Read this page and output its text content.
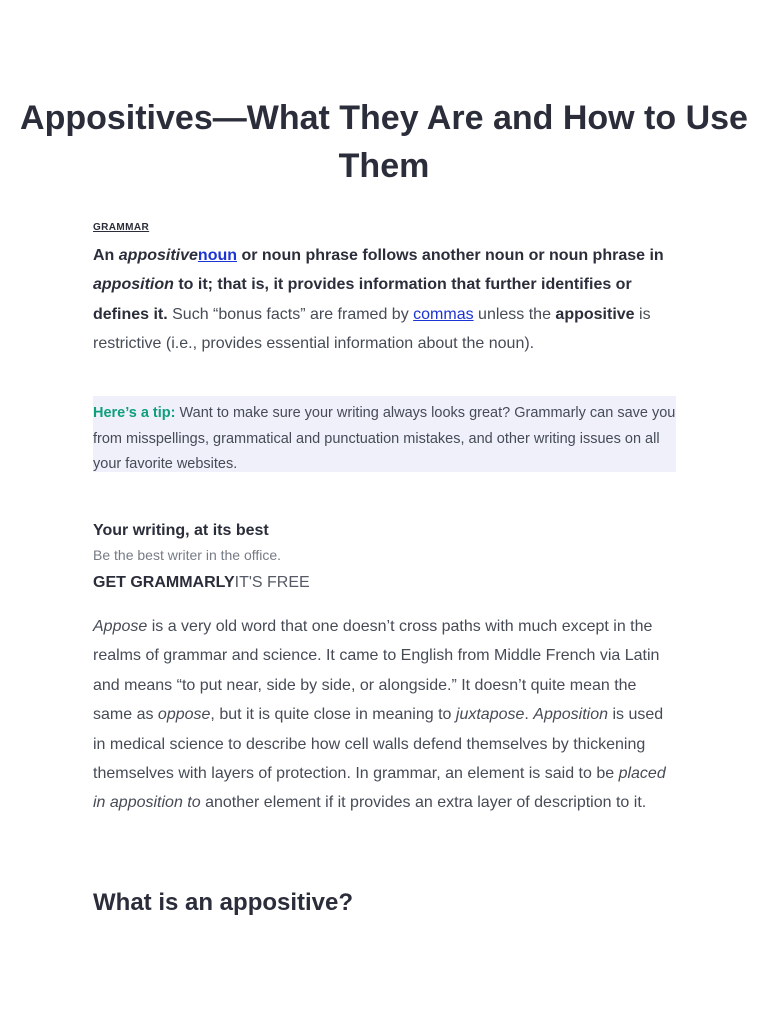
Appositives—What They Are and How to Use Them
GRAMMAR

An appositivenoun or noun phrase follows another noun or noun phrase in apposition to it; that is, it provides information that further identifies or defines it. Such “bonus facts” are framed by commas unless the appositive is restrictive (i.e., provides essential information about the noun).

Here’s a tip: Want to make sure your writing always looks great? Grammarly can save you from misspellings, grammatical and punctuation mistakes, and other writing issues on all your favorite websites.
Your writing, at its best

Be the best writer in the office.

GET GRAMMARLYIT'S FREE

Appose is a very old word that one doesn’t cross paths with much except in the realms of grammar and science. It came to English from Middle French via Latin and means “to put near, side by side, or alongside.” It doesn’t quite mean the same as oppose, but it is quite close in meaning to juxtapose. Apposition is used in medical science to describe how cell walls defend themselves by thickening themselves with layers of protection. In grammar, an element is said to be placed in apposition to another element if it provides an extra layer of description to it.

What is an appositive?
